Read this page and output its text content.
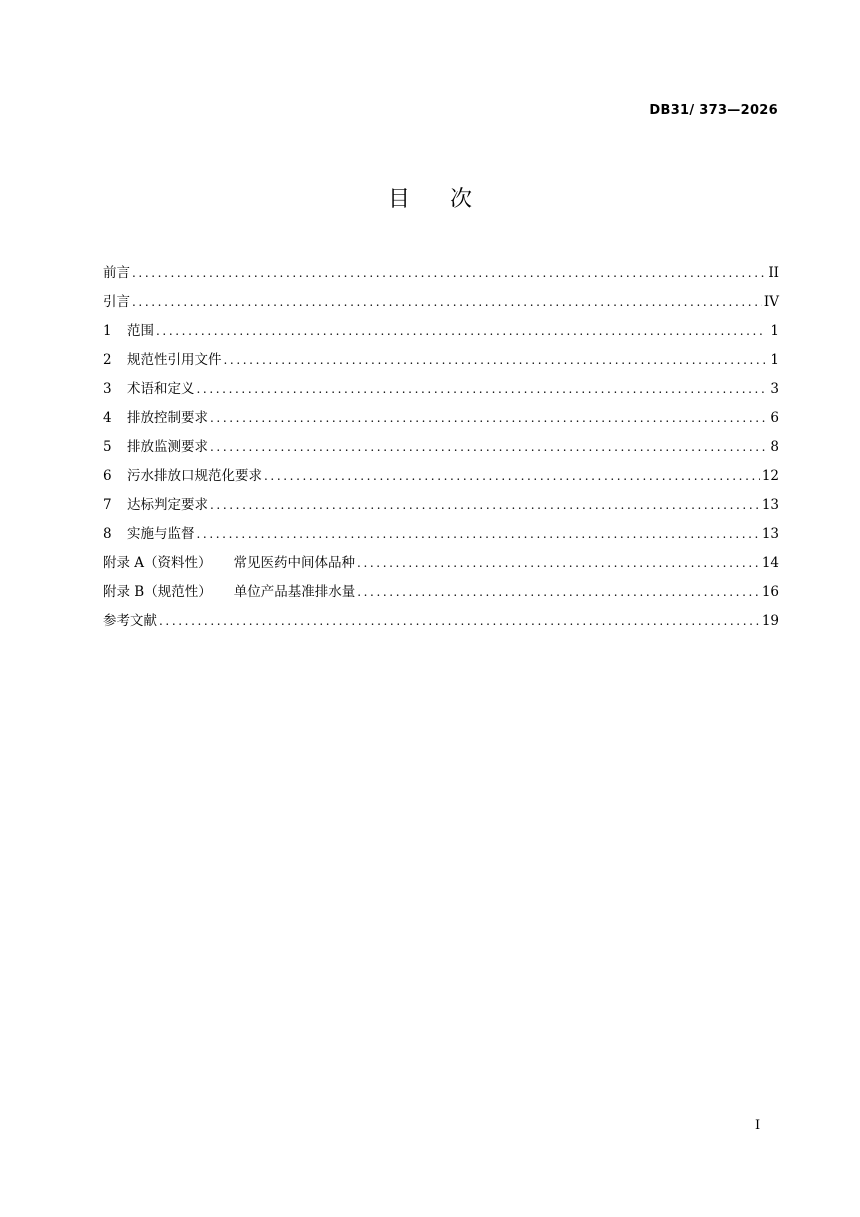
DB31/ 373—2026
目 次
前言 .....	II
引言 .....	IV
1	范围 .....	1
2	规范性引用文件 .....	1
3	术语和定义 .....	3
4	排放控制要求 .....	6
5	排放监测要求 .....	8
6	污水排放口规范化要求 .....	12
7	达标判定要求 .....	13
8	实施与监督 .....	13
附录 A（资料性） 常见医药中间体品种 .....	14
附录 B（规范性） 单位产品基准排水量 .....	16
参考文献 .....	19
I
